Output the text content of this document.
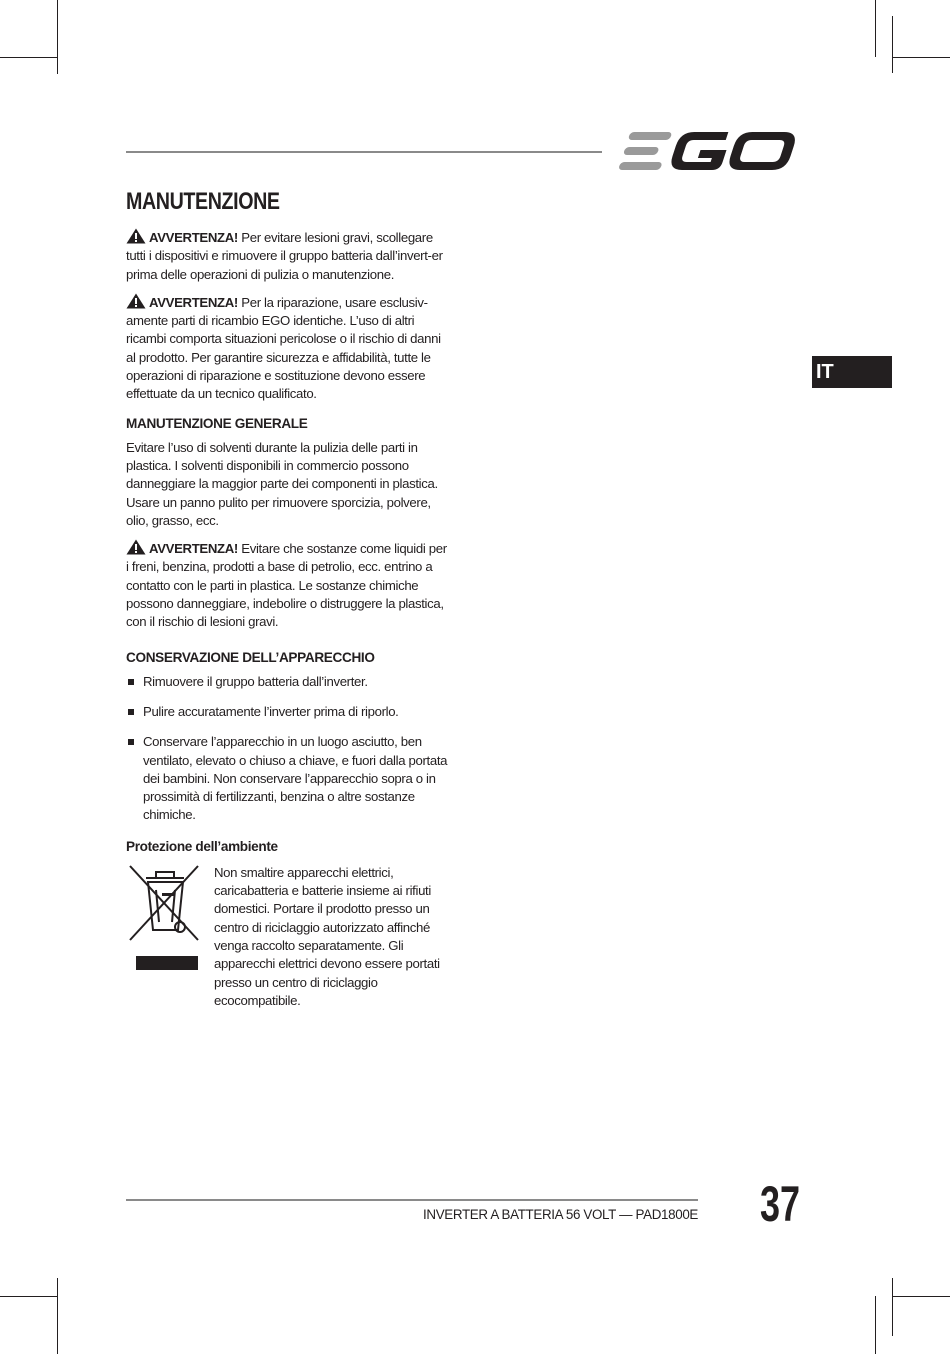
IT
MANUTENZIONE

AVVERTENZA! Per evitare lesioni gravi, scollegare tutti i dispositivi e rimuovere il gruppo batteria dall’invert-er prima delle operazioni di pulizia o manutenzione.

AVVERTENZA! Per la riparazione, usare esclusiv-amente parti di ricambio EGO identiche. L’uso di altri ricambi comporta situazioni pericolose o il rischio di danni al prodotto. Per garantire sicurezza e affidabilità, tutte le operazioni di riparazione e sostituzione devono essere effettuate da un tecnico qualificato.

MANUTENZIONE GENERALE

Evitare l’uso di solventi durante la pulizia delle parti in plastica. I solventi disponibili in commercio possono danneggiare la maggior parte dei componenti in plastica. Usare un panno pulito per rimuovere sporcizia, polvere, olio, grasso, ecc.

AVVERTENZA! Evitare che sostanze come liquidi per i freni, benzina, prodotti a base di petrolio, ecc. entrino a contatto con le parti in plastica. Le sostanze chimiche possono danneggiare, indebolire o distruggere la plastica, con il rischio di lesioni gravi.

CONSERVAZIONE DELL’APPARECCHIO
Rimuovere il gruppo batteria dall’inverter.
Pulire accuratamente l’inverter prima di riporlo.
Conservare l’apparecchio in un luogo asciutto, ben ventilato, elevato o chiuso a chiave, e fuori dalla portata dei bambini. Non conservare l’apparecchio sopra o in prossimità di fertilizzanti, benzina o altre sostanze chimiche.
Protezione dell’ambiente
Non smaltire apparecchi elettrici, caricabatteria e batterie insieme ai rifiuti domestici. Portare il prodotto presso un centro di riciclaggio autorizzato affinché venga raccolto separatamente. Gli apparecchi elettrici devono essere portati presso un centro di riciclaggio ecocompatibile.
INVERTER A BATTERIA 56 VOLT — PAD1800E 37
